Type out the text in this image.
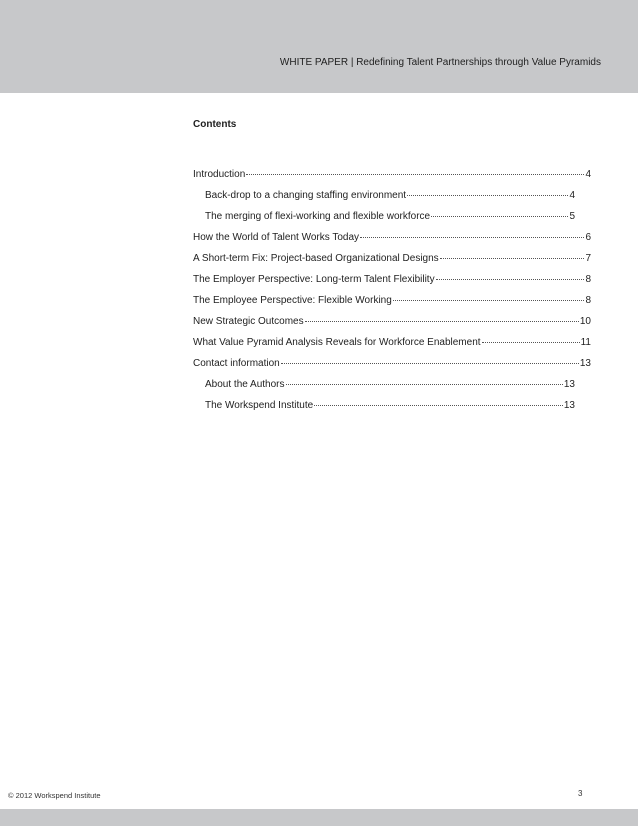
WHITE PAPER | Redefining Talent Partnerships through Value Pyramids
Contents
Introduction	4
Back-drop to a changing staffing environment	4
The merging of flexi-working and flexible workforce	5
How the World of Talent Works Today	6
A Short-term Fix: Project-based Organizational Designs	7
The Employer Perspective: Long-term Talent Flexibility	8
The Employee Perspective: Flexible Working	8
New Strategic Outcomes	10
What Value Pyramid Analysis Reveals for Workforce Enablement	11
Contact information	13
About the Authors	13
The Workspend Institute	13
© 2012 Workspend Institute	3
